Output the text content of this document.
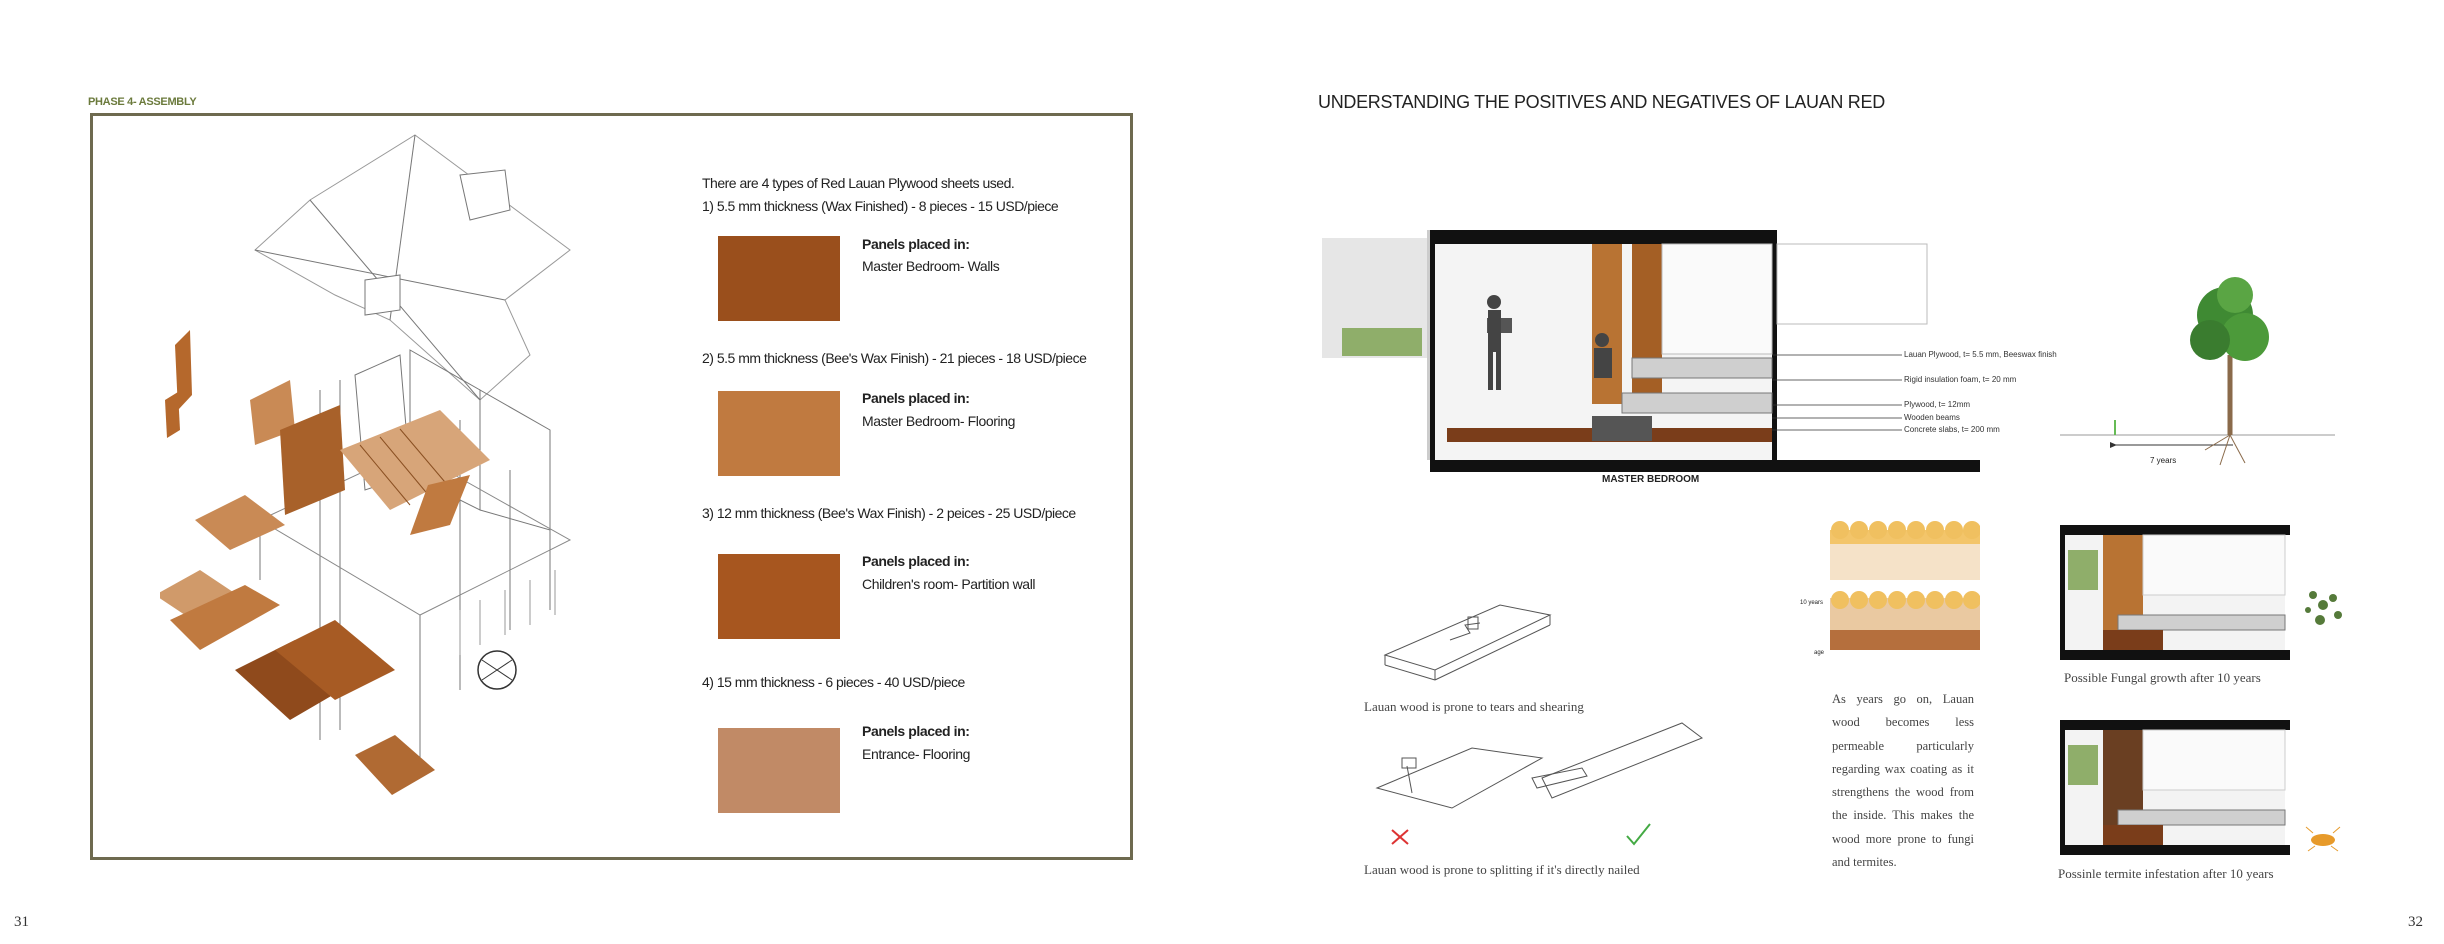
PHASE 4- ASSEMBLY
There are 4 types of Red Lauan Plywood sheets used.
1) 5.5 mm thickness (Wax Finished) - 8 pieces - 15 USD/piece
Panels placed in:
Master Bedroom- Walls
2) 5.5 mm thickness (Bee's Wax Finish) - 21 pieces - 18 USD/piece
Panels placed in:
Master Bedroom- Flooring
3) 12 mm thickness (Bee's Wax Finish) - 2 peices - 25 USD/piece
Panels placed in:
Children's room- Partition wall
4) 15 mm thickness - 6 pieces - 40 USD/piece
Panels placed in:
Entrance- Flooring
31
UNDERSTANDING THE POSITIVES AND NEGATIVES OF LAUAN RED
Lauan Plywood, t= 5.5 mm, Beeswax finish
Rigid insulation foam, t= 20 mm
Plywood, t= 12mm
Wooden beams
Concrete slabs, t= 200 mm
MASTER BEDROOM
7 years
10 years
age
Lauan wood is prone to tears and shearing
Lauan wood is prone to splitting if it's directly nailed
As years go on, Lauan wood becomes less permeable particularly regarding wax coating as it strengthens the wood from the inside. This makes the wood more prone to fungi and termites.
Possible Fungal growth after 10 years
Possinle termite infestation after 10 years
32
